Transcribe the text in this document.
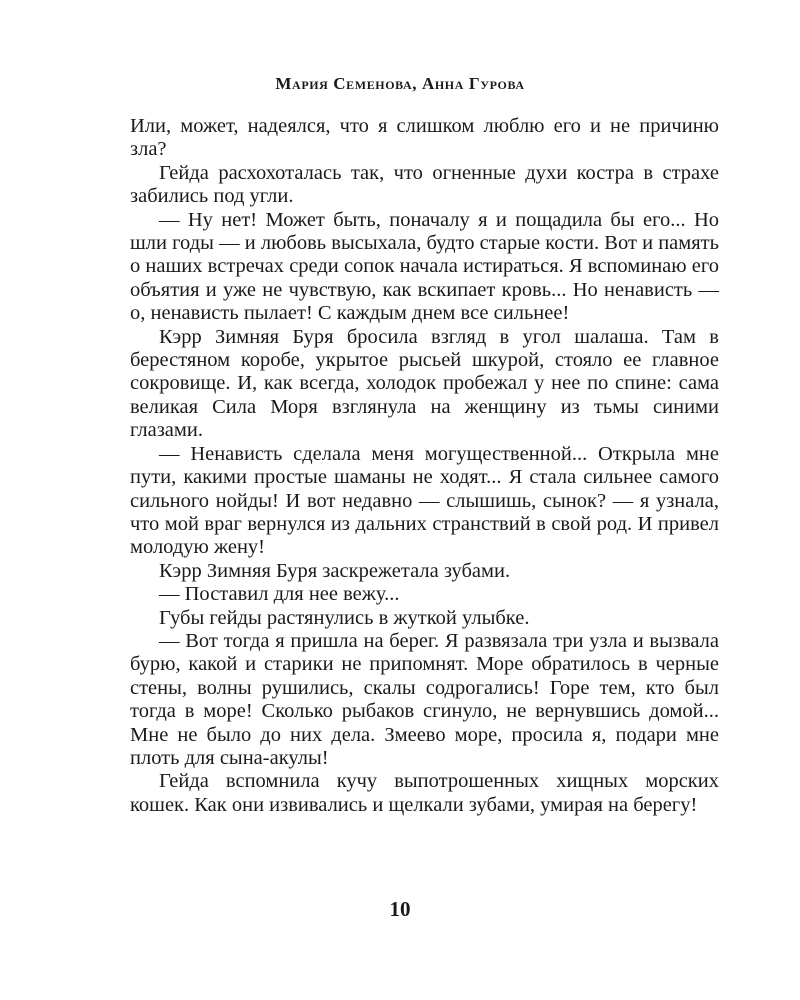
Мария Семенова, Анна Гурова

Или, может, надеялся, что я слишком люблю его и не причиню зла?

Гейда расхохоталась так, что огненные духи костра в страхе забились под угли.

— Ну нет! Может быть, поначалу я и пощадила бы его... Но шли годы — и любовь высыхала, будто старые кости. Вот и память о наших встречах среди сопок начала истираться. Я вспоминаю его объятия и уже не чувствую, как вскипает кровь... Но ненависть — о, ненависть пылает! С каждым днем все сильнее!

Кэрр Зимняя Буря бросила взгляд в угол шалаша. Там в берестяном коробе, укрытое рысьей шкурой, стояло ее главное сокровище. И, как всегда, холодок пробежал у нее по спине: сама великая Сила Моря взглянула на женщину из тьмы синими глазами.

— Ненависть сделала меня могущественной... Открыла мне пути, какими простые шаманы не ходят... Я стала сильнее самого сильного нойды! И вот недавно — слышишь, сынок? — я узнала, что мой враг вернулся из дальних странствий в свой род. И привел молодую жену!

Кэрр Зимняя Буря заскрежетала зубами.

— Поставил для нее вежу...

Губы гейды растянулись в жуткой улыбке.

— Вот тогда я пришла на берег. Я развязала три узла и вызвала бурю, какой и старики не припомнят. Море обратилось в черные стены, волны рушились, скалы содрогались! Горе тем, кто был тогда в море! Сколько рыбаков сгинуло, не вернувшись домой... Мне не было до них дела. Змеево море, просила я, подари мне плоть для сына-акулы!

Гейда вспомнила кучу выпотрошенных хищных морских кошек. Как они извивались и щелкали зубами, умирая на берегу!

10
